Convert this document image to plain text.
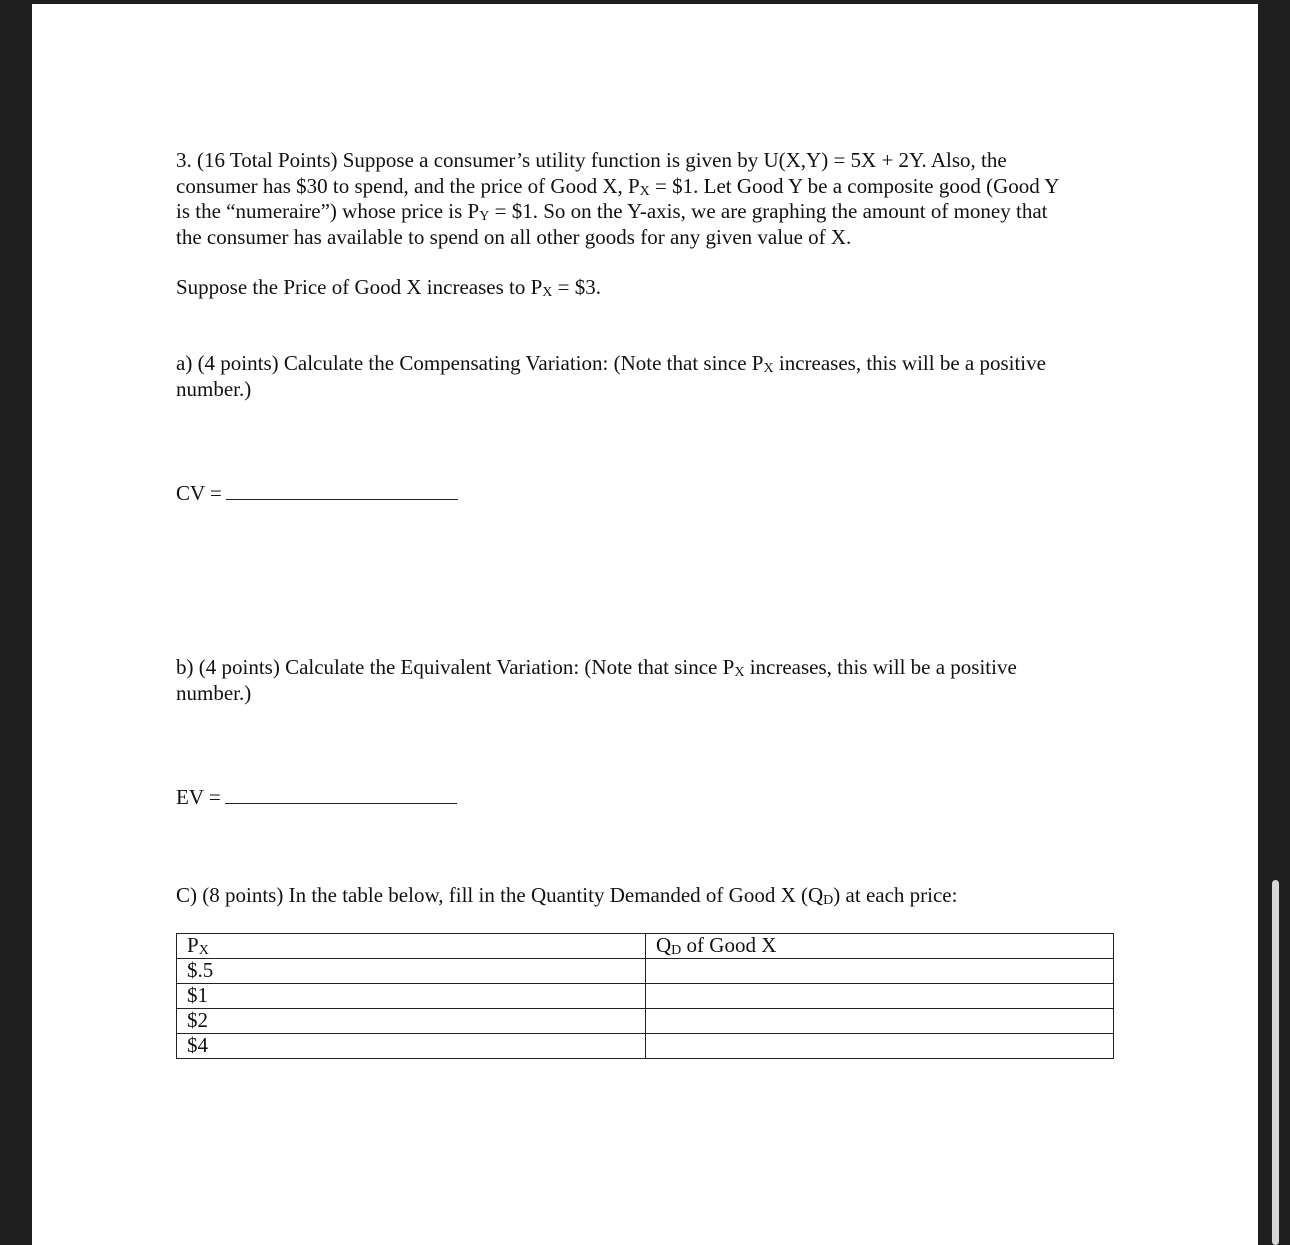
3. (16 Total Points) Suppose a consumer’s utility function is given by U(X,Y) = 5X + 2Y. Also, the
consumer has $30 to spend, and the price of Good X, $P_X$ = $1. Let Good Y be a composite good (Good Y
is the “numeraire”) whose price is $P_Y$ = $1. So on the Y-axis, we are graphing the amount of money that
the consumer has available to spend on all other goods for any given value of X.
Suppose the Price of Good X increases to $P_X$ = $3.
a) (4 points) Calculate the Compensating Variation: (Note that since $P_X$ increases, this will be a positive
number.)
CV =
b) (4 points) Calculate the Equivalent Variation: (Note that since $P_X$ increases, this will be a positive
number.)
EV =
C) (8 points) In the table below, fill in the Quantity Demanded of Good X $(Q_D)$ at each price:
$P_X$	$Q_D$ of Good X
$.5	
$1	
$2	
$4	
